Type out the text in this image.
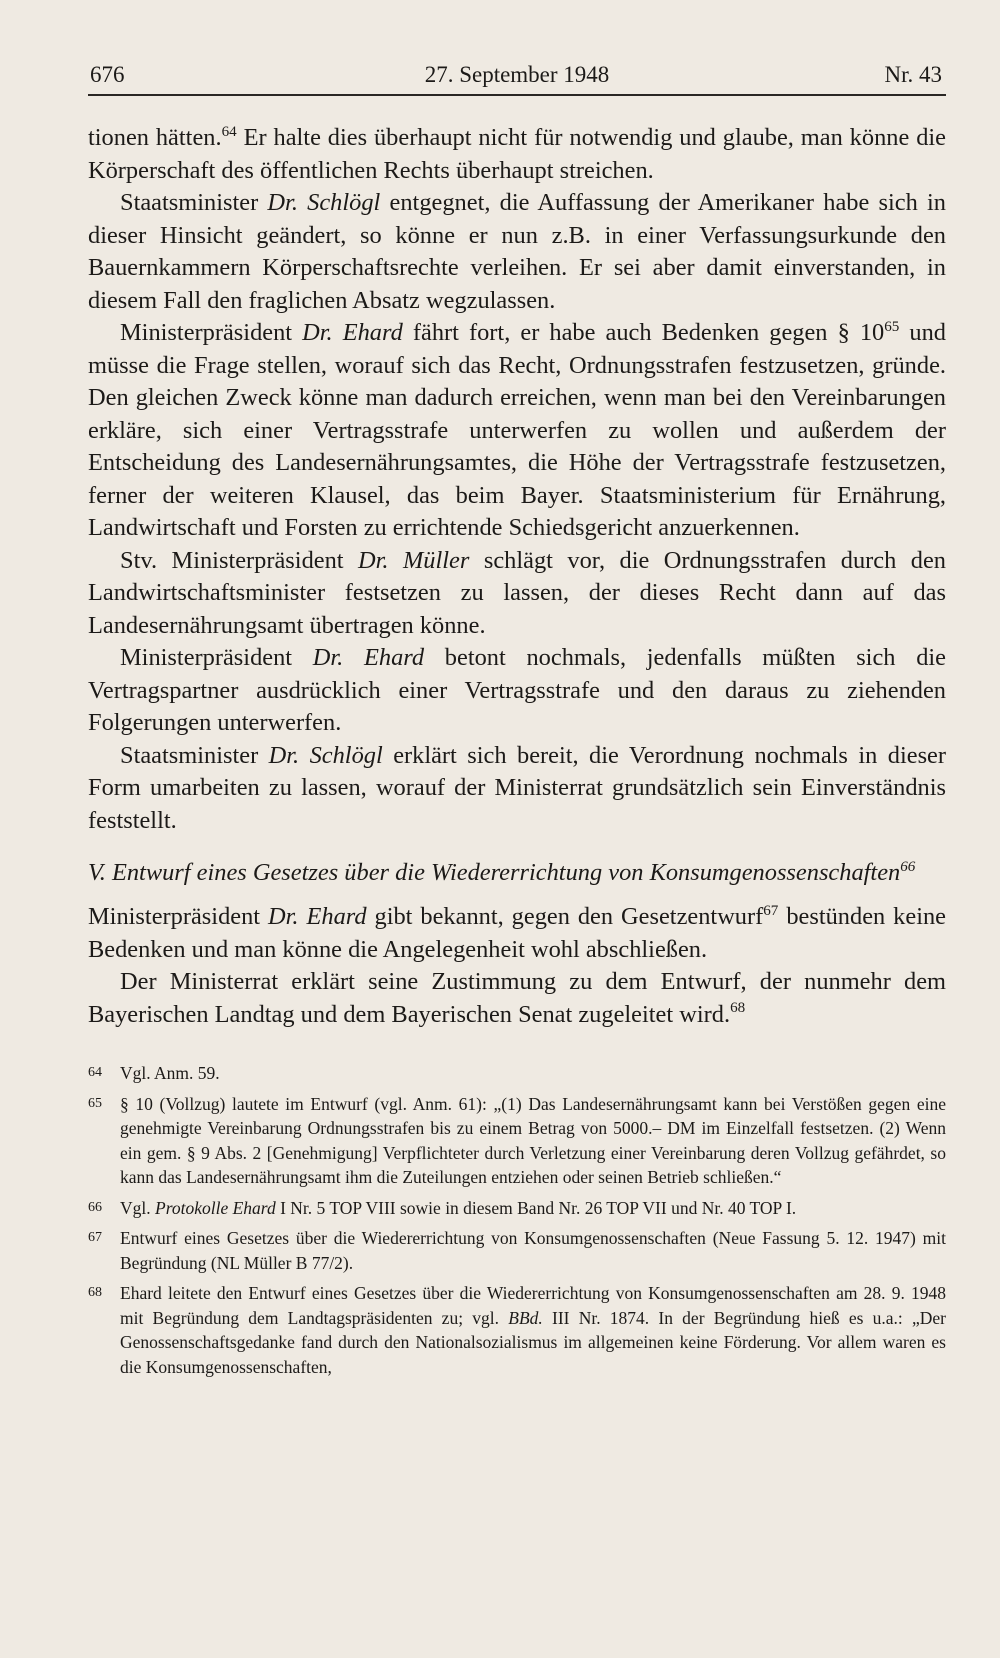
676	27. September 1948	Nr. 43

tionen hätten.$^{64}$ Er halte dies überhaupt nicht für notwendig und glaube, man könne die Körperschaft des öffentlichen Rechts überhaupt streichen.

Staatsminister Dr. Schlögl entgegnet, die Auffassung der Amerikaner habe sich in dieser Hinsicht geändert, so könne er nun z.B. in einer Verfassungsurkunde den Bauernkammern Körperschaftsrechte verleihen. Er sei aber damit einverstanden, in diesem Fall den fraglichen Absatz wegzulassen.

Ministerpräsident Dr. Ehard fährt fort, er habe auch Bedenken gegen § $10^{65}$ und müsse die Frage stellen, worauf sich das Recht, Ordnungsstrafen festzusetzen, gründe. Den gleichen Zweck könne man dadurch erreichen, wenn man bei den Vereinbarungen erkläre, sich einer Vertragsstrafe unterwerfen zu wollen und außerdem der Entscheidung des Landesernährungsamtes, die Höhe der Vertragsstrafe festzusetzen, ferner der weiteren Klausel, das beim Bayer. Staatsministerium für Ernährung, Landwirtschaft und Forsten zu errichtende Schiedsgericht anzuerkennen.

Stv. Ministerpräsident Dr. Müller schlägt vor, die Ordnungsstrafen durch den Landwirtschaftsminister festsetzen zu lassen, der dieses Recht dann auf das Landesernährungsamt übertragen könne.

Ministerpräsident Dr. Ehard betont nochmals, jedenfalls müßten sich die Vertragspartner ausdrücklich einer Vertragsstrafe und den daraus zu ziehenden Folgerungen unterwerfen.

Staatsminister Dr. Schlögl erklärt sich bereit, die Verordnung nochmals in dieser Form umarbeiten zu lassen, worauf der Ministerrat grundsätzlich sein Einverständnis feststellt.

V. Entwurf eines Gesetzes über die Wiedererrichtung von Konsumgenossenschaften$^{66}$

Ministerpräsident Dr. Ehard gibt bekannt, gegen den Gesetzentwurf$^{67}$ bestünden keine Bedenken und man könne die Angelegenheit wohl abschließen.

Der Ministerrat erklärt seine Zustimmung zu dem Entwurf, der nunmehr dem Bayerischen Landtag und dem Bayerischen Senat zugeleitet wird.$^{68}$

64 Vgl. Anm. 59.
65 § 10 (Vollzug) lautete im Entwurf (vgl. Anm. 61): „(1) Das Landesernährungsamt kann bei Verstößen gegen eine genehmigte Vereinbarung Ordnungsstrafen bis zu einem Betrag von 5000.– DM im Einzelfall festsetzen. (2) Wenn ein gem. § 9 Abs. 2 [Genehmigung] Verpflichteter durch Verletzung einer Vereinbarung deren Vollzug gefährdet, so kann das Landesernährungsamt ihm die Zuteilungen entziehen oder seinen Betrieb schließen.“
66 Vgl. Protokolle Ehard I Nr. 5 TOP VIII sowie in diesem Band Nr. 26 TOP VII und Nr. 40 TOP I.
67 Entwurf eines Gesetzes über die Wiedererrichtung von Konsumgenossenschaften (Neue Fassung 5. 12. 1947) mit Begründung (NL Müller B 77/2).
68 Ehard leitete den Entwurf eines Gesetzes über die Wiedererrichtung von Konsumgenossenschaften am 28. 9. 1948 mit Begründung dem Landtagspräsidenten zu; vgl. BBd. III Nr. 1874. In der Begründung hieß es u.a.: „Der Genossenschaftsgedanke fand durch den Nationalsozialismus im allgemeinen keine Förderung. Vor allem waren es die Konsumgenossenschaften,
